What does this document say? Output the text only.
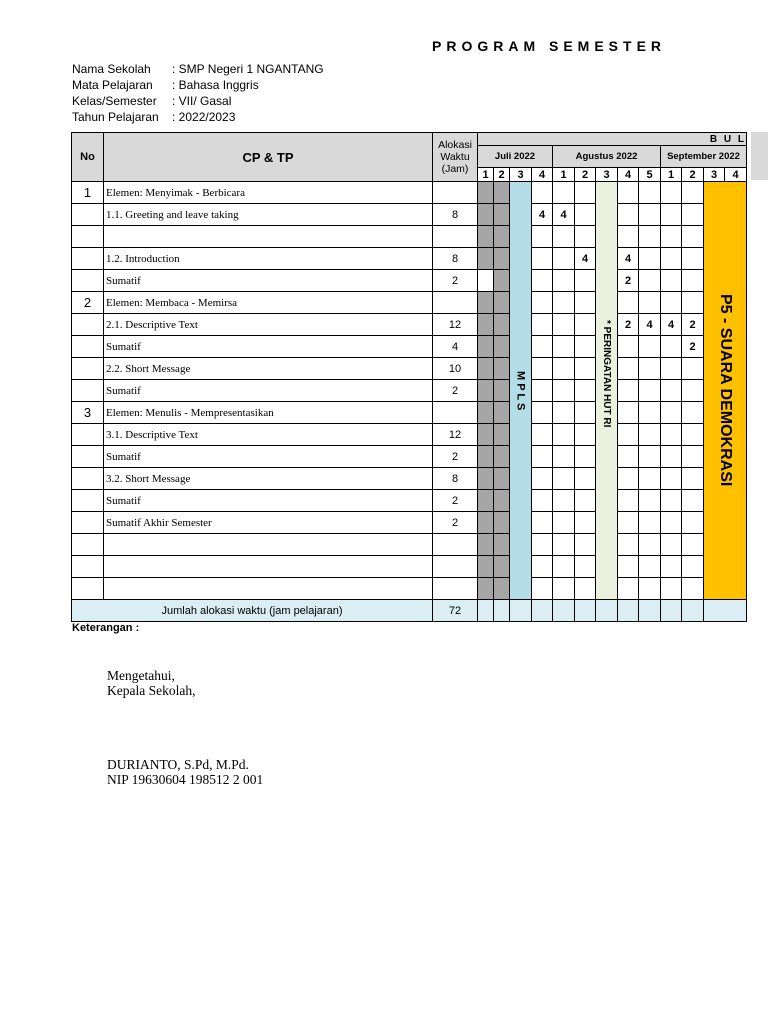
PROGRAM SEMESTER
Nama Sekolah : SMP Negeri 1 NGANTANG
Mata Pelajaran : Bahasa Inggris
Kelas/Semester : VII/ Gasal
Tahun Pelajaran : 2022/2023
No	CP & TP	Alokasi Waktu (Jam)	B U L												
			Juli 2022				Agustus 2022					September 2022			
			1	2	3	4	1	2	3	4	5	1	2	3	4
1	Elemen: Menyimak - Berbicara				M P L S				* PERINGATAN HUT RI					P5 - SUARA DEMOKRASI	

	1.1. Greeting and leave taking	8				4	4								

	1.2. Introduction	8						4		4					
	Sumatif	2								2					
2	Elemen: Membaca - Memirsa														
	2.1. Descriptive Text	12								2	4	4	2		
	Sumatif	4											2		
	2.2. Short Message	10													
	Sumatif	2													
3	Elemen: Menulis - Mempresentasikan														
	3.1. Descriptive Text	12													
	Sumatif	2													
	3.2. Short Message	8													
	Sumatif	2													
	Sumatif Akhir Semester	2													

Jumlah alokasi waktu (jam pelajaran)		72													
Keterangan :
Mengetahui,
Kepala Sekolah,
DURIANTO, S.Pd, M.Pd.
NIP 19630604 198512 2 001
